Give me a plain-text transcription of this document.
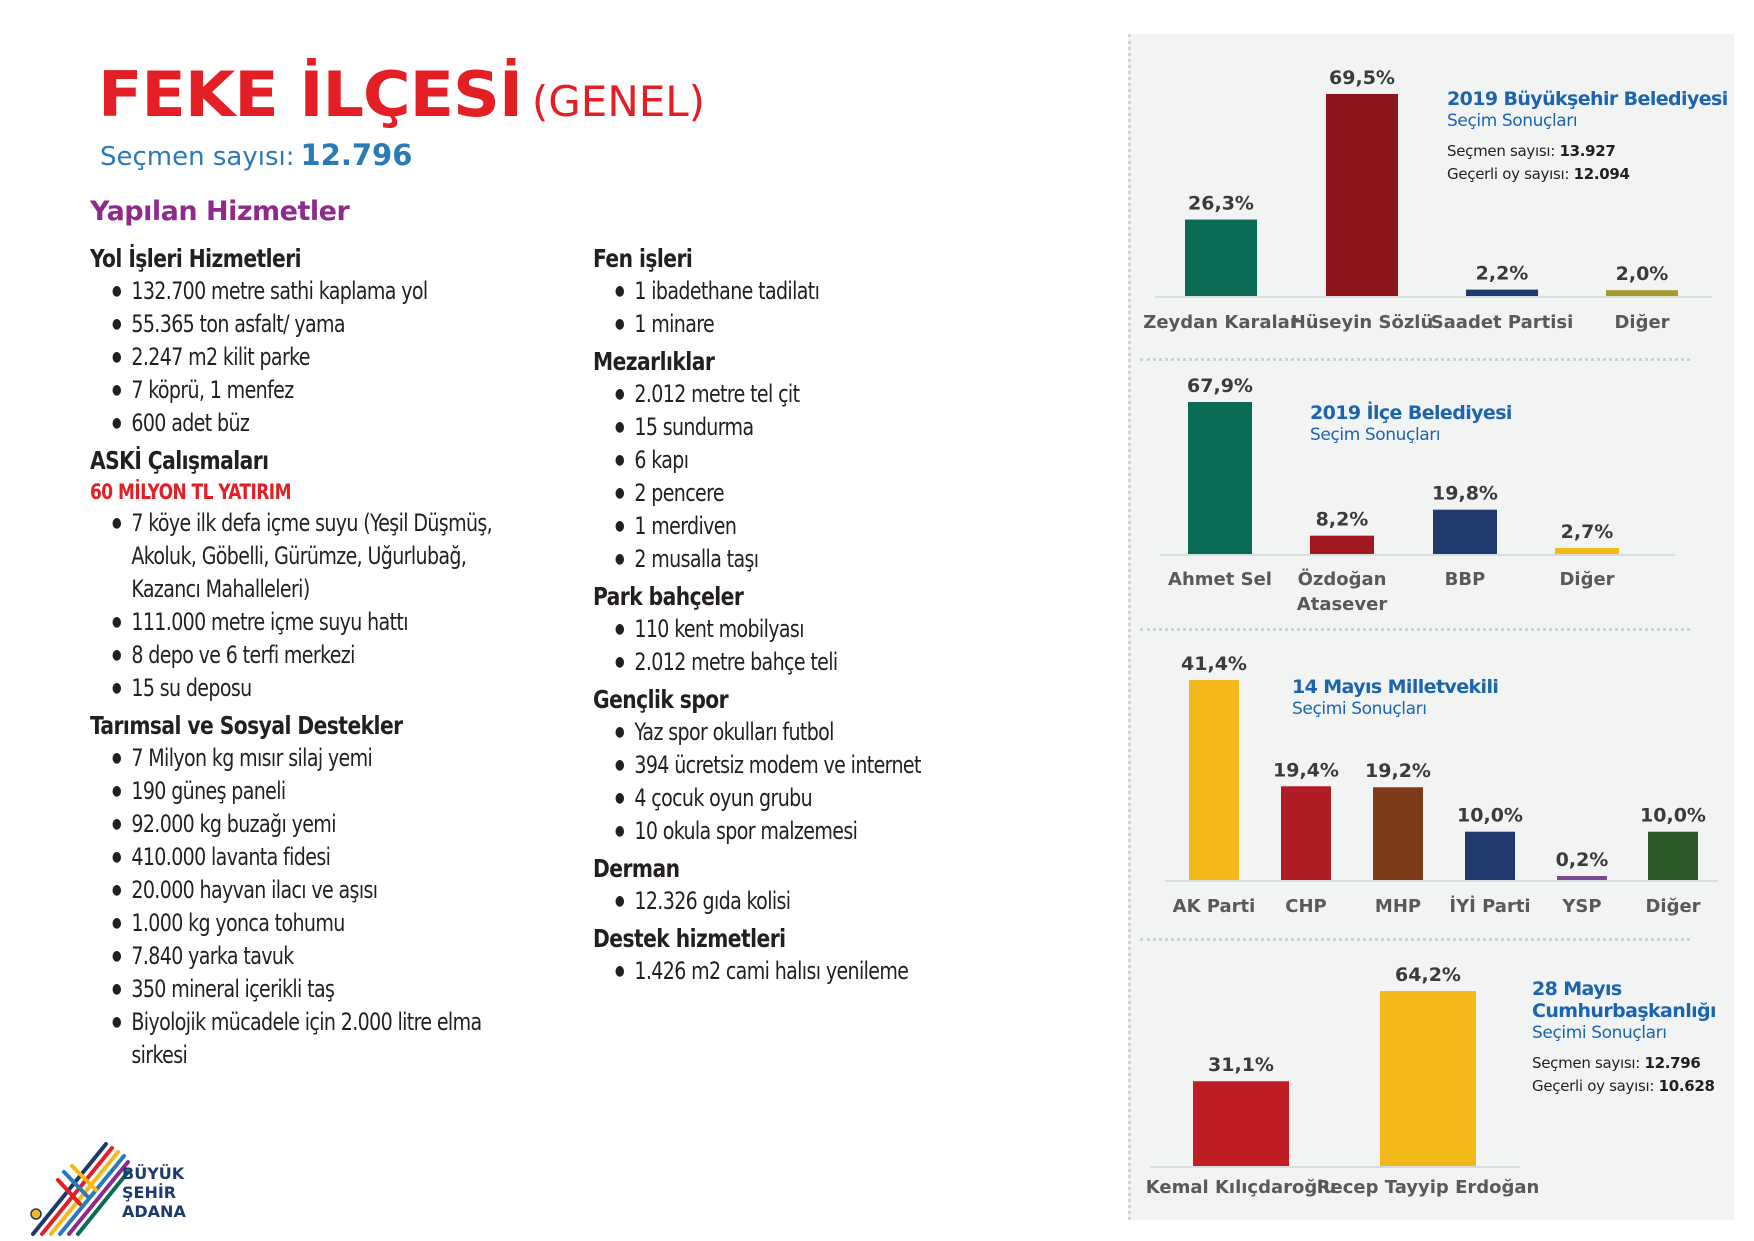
FEKE İLÇESİ (GENEL)
Seçmen sayısı: 12.796
Yapılan Hizmetler
Yol İşleri Hizmetleri
● 132.700 metre sathi kaplama yol
● 55.365 ton asfalt/ yama
● 2.247 m2 kilit parke
● 7 köprü, 1 menfez
● 600 adet büz
ASKİ Çalışmaları
60 MİLYON TL YATIRIM
● 7 köye ilk defa içme suyu (Yeşil Düşmüş, Akoluk, Göbelli, Gürümze, Uğurlubağ, Kazancı Mahalleleri)
● 111.000 metre içme suyu hattı
● 8 depo ve 6 terfi merkezi
● 15 su deposu
Tarımsal ve Sosyal Destekler
● 7 Milyon kg mısır silaj yemi
● 190 güneş paneli
● 92.000 kg buzağı yemi
● 410.000 lavanta fidesi
● 20.000 hayvan ilacı ve aşısı
● 1.000 kg yonca tohumu
● 7.840 yarka tavuk
● 350 mineral içerikli taş
● Biyolojik mücadele için 2.000 litre elma sirkesi
Fen işleri
● 1 ibadethane tadilatı
● 1 minare
Mezarlıklar
● 2.012 metre tel çit
● 15 sundurma
● 6 kapı
● 2 pencere
● 1 merdiven
● 2 musalla taşı
Park bahçeler
● 110 kent mobilyası
● 2.012 metre bahçe teli
Gençlik spor
● Yaz spor okulları futbol
● 394 ücretsiz modem ve internet
● 4 çocuk oyun grubu
● 10 okula spor malzemesi
Derman
● 12.326 gıda kolisi
Destek hizmetleri
● 1.426 m2 cami halısı yenileme
BÜYÜK
ŞEHİR
ADANA
26,3%
Zeydan Karalar
69,5%
Hüseyin Sözlü
2,2%
Saadet Partisi
2,0%
Diğer
67,9%
Ahmet Sel
8,2%
Özdoğan
Atasever
19,8%
BBP
2,7%
Diğer
41,4%
AK Parti
19,4%
CHP
19,2%
MHP
10,0%
İYİ Parti
0,2%
YSP
10,0%
Diğer
31,1%
Kemal Kılıçdaroğlu
64,2%
Recep Tayyip Erdoğan
2019 Büyükşehir Belediyesi
Seçim Sonuçları
Seçmen sayısı: 13.927
Geçerli oy sayısı: 12.094
2019 İlçe Belediyesi
Seçim Sonuçları
14 Mayıs Milletvekili
Seçimi Sonuçları
28 Mayıs Cumhurbaşkanlığı
Seçimi Sonuçları
Seçmen sayısı: 12.796
Geçerli oy sayısı: 10.628
